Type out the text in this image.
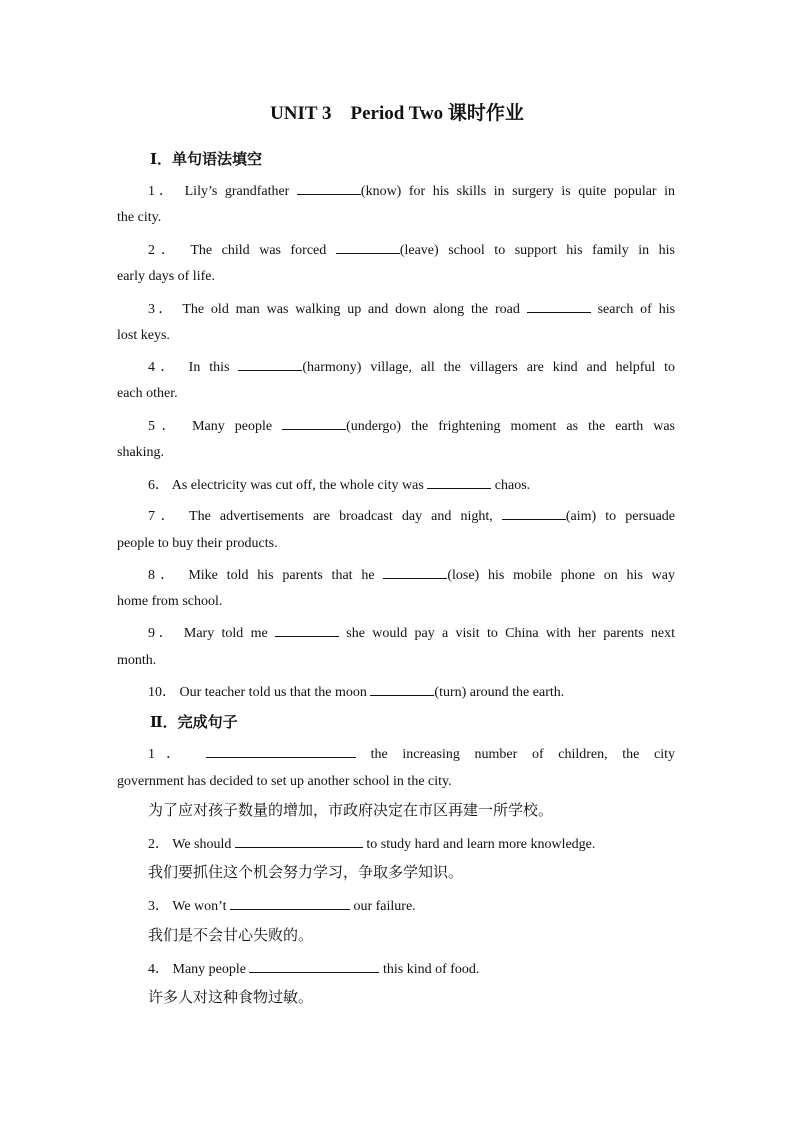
UNIT 3　Period Two 课时作业
Ⅰ．单句语法填空
1． Lily’s grandfather	(know) for his skills in surgery is quite popular in
the city.
2． The child was forced	(leave) school to support his family in his
early days of life.
3． The old man was walking up and down along the road	search of his
lost keys.
4． In this	(harmony) village, all the villagers are kind and helpful to
each other.
5． Many people	(undergo) the frightening moment as the earth was
shaking.
6． As electricity was cut off, the whole city was	chaos.
7． The advertisements are broadcast day and night,	(aim) to persuade
people to buy their products.
8． Mike told his parents that he	(lose) his mobile phone on his way
home from school.
9． Mary told me	she would pay a visit to China with her parents next
month.
10． Our teacher told us that the moon	(turn) around the earth.
Ⅱ．完成句子
1．	the increasing number of children, the city
government has decided to set up another school in the city.
为了应对孩子数量的增加，市政府决定在市区再建一所学校。
2． We should	to study hard and learn more knowledge.
我们要抓住这个机会努力学习，争取多学知识。
3． We won’t	our failure.
我们是不会甘心失败的。
4． Many people	this kind of food.
许多人对这种食物过敏。
